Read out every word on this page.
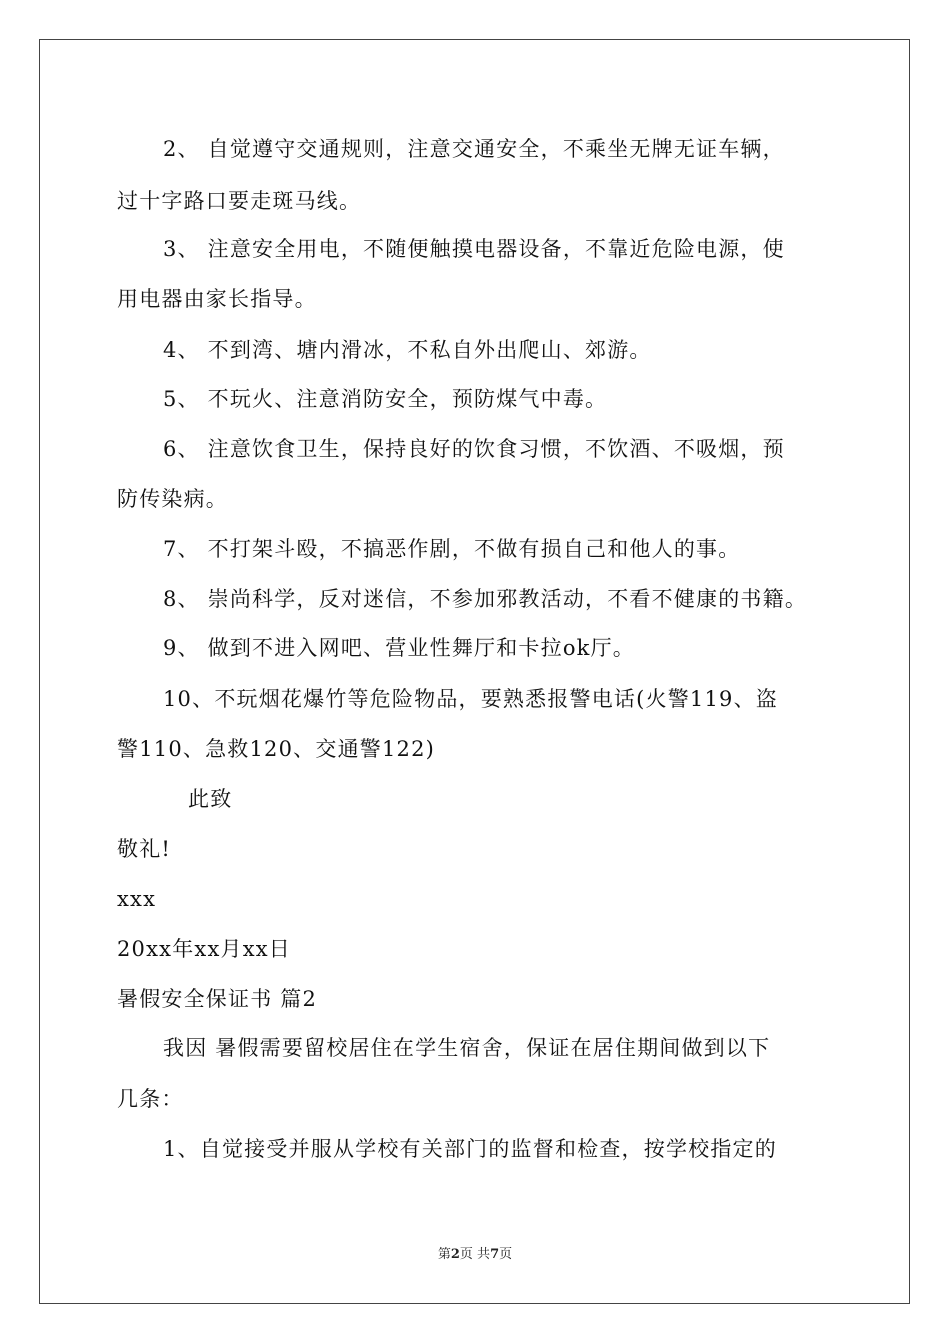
2、 自觉遵守交通规则，注意交通安全，不乘坐无牌无证车辆，
过十字路口要走斑马线。
3、 注意安全用电，不随便触摸电器设备，不靠近危险电源，使
用电器由家长指导。
4、 不到湾、塘内滑冰，不私自外出爬山、郊游。
5、 不玩火、注意消防安全，预防煤气中毒。
6、 注意饮食卫生，保持良好的饮食习惯，不饮酒、不吸烟，预
防传染病。
7、 不打架斗殴，不搞恶作剧，不做有损自己和他人的事。
8、 崇尚科学，反对迷信，不参加邪教活动，不看不健康的书籍。
9、 做到不进入网吧、营业性舞厅和卡拉ok厅。
10、不玩烟花爆竹等危险物品，要熟悉报警电话(火警119、盗
警110、急救120、交通警122)
此致
敬礼!
xxx
20xx年xx月xx日
暑假安全保证书 篇2
我因 暑假需要留校居住在学生宿舍，保证在居住期间做到以下
几条：
1、自觉接受并服从学校有关部门的监督和检查，按学校指定的
第2页 共7页
